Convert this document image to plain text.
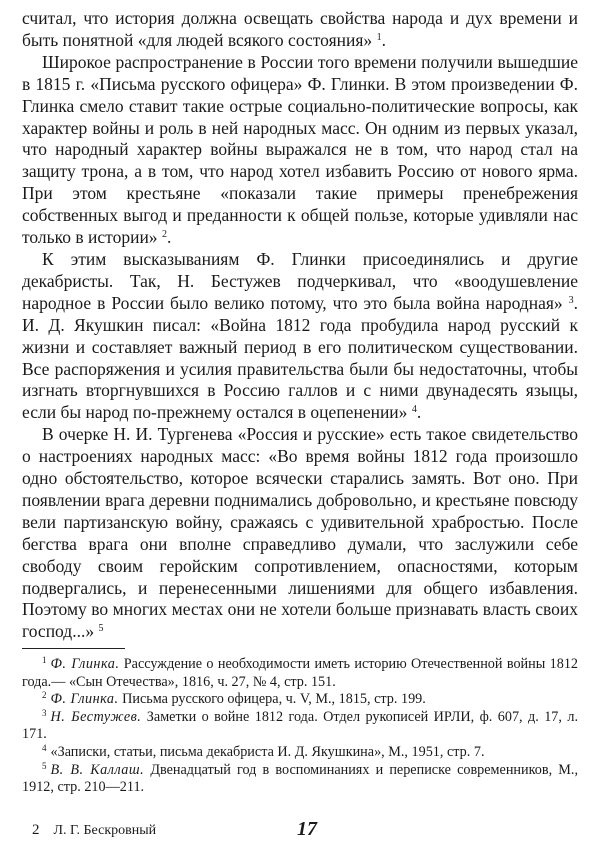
считал, что история должна освещать свойства народа и дух времени и быть понятной «для людей всякого состояния» $^1$.

Широкое распространение в России того времени получили вышедшие в 1815 г. «Письма русского офицера» Ф. Глинки. В этом произведении Ф. Глинка смело ставит такие острые социально-политические вопросы, как характер войны и роль в ней народных масс. Он одним из первых указал, что народный характер войны выражался не в том, что народ стал на защиту трона, а в том, что народ хотел избавить Россию от нового ярма. При этом крестьяне «показали такие примеры пренебрежения собственных выгод и преданности к общей пользе, которые удивляли нас только в истории» $^2$.

К этим высказываниям Ф. Глинки присоединялись и другие декабристы. Так, Н. Бестужев подчеркивал, что «воодушевление народное в России было велико потому, что это была война народная» $^3$. И. Д. Якушкин писал: «Война 1812 года пробудила народ русский к жизни и составляет важный период в его политическом существовании. Все распоряжения и усилия правительства были бы недостаточны, чтобы изгнать вторгнувшихся в Россию галлов и с ними двунадесять языцы, если бы народ по-прежнему остался в оцепенении» $^4$.

В очерке Н. И. Тургенева «Россия и русские» есть такое свидетельство о настроениях народных масс: «Во время войны 1812 года произошло одно обстоятельство, которое всячески старались замять. Вот оно. При появлении врага деревни поднимались добровольно, и крестьяне повсюду вели партизанскую войну, сражаясь с удивительной храбростью. После бегства врага они вполне справедливо думали, что заслужили себе свободу своим геройским сопротивлением, опасностями, которым подвергались, и перенесенными лишениями для общего избавления. Поэтому во многих местах они не хотели больше признавать власть своих господ...» $^5$

$^1$ Ф. Глинка. Рассуждение о необходимости иметь историю Отечественной войны 1812 года.— «Сын Отечества», 1816, ч. 27, № 4, стр. 151.

$^2$ Ф. Глинка. Письма русского офицера, ч. V, М., 1815, стр. 199.

$^3$ Н. Бестужев. Заметки о войне 1812 года. Отдел рукописей ИРЛИ, ф. 607, д. 17, л. 171.

$^4$ «Записки, статьи, письма декабриста И. Д. Якушкина», М., 1951, стр. 7.

$^5$ В. В. Каллаш. Двенадцатый год в воспоминаниях и переписке современников, М., 1912, стр. 210—211.

2 Л. Г. Бескровный	17
